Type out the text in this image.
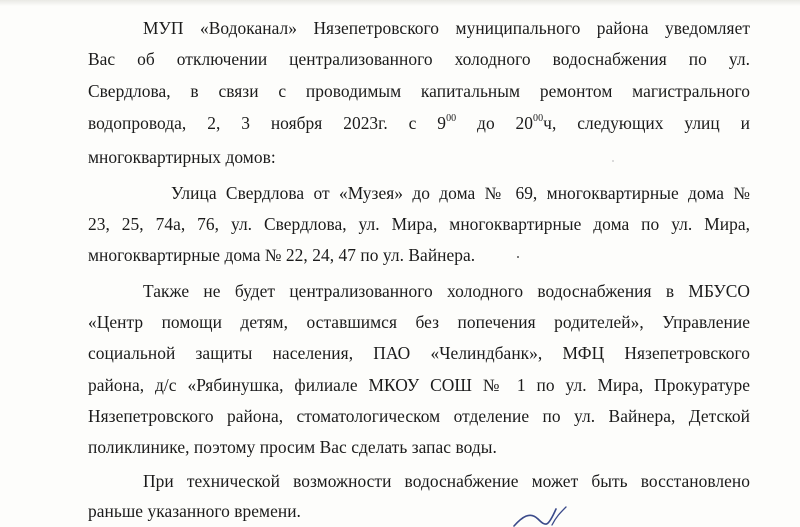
МУП «Водоканал» Нязепетровского муниципального района уведомляет
Вас об отключении централизованного холодного водоснабжения по ул.
Свердлова, в связи с проводимым капитальным ремонтом магистрального
водопровода, 2, 3 ноября 2023г. с $9^{00}$ до $20^{00}ч$, следующих улиц и
многоквартирных домов:
Улица Свердлова от «Музея» до дома № 69, многоквартирные дома №
23, 25, 74а, 76, ул. Свердлова, ул. Мира, многоквартирные дома по ул. Мира,
многоквартирные дома № 22, 24, 47 по ул. Вайнера.
Также не будет централизованного холодного водоснабжения в МБУСО
«Центр помощи детям, оставшимся без попечения родителей», Управление
социальной защиты населения, ПАО «Челиндбанк», МФЦ Нязепетровского
района, д/с «Рябинушка, филиале МКОУ СОШ № 1 по ул. Мира, Прокуратуре
Нязепетровского района, стоматологическом отделение по ул. Вайнера, Детской
поликлинике, поэтому просим Вас сделать запас воды.
При технической возможности водоснабжение может быть восстановлено
раньше указанного времени.
